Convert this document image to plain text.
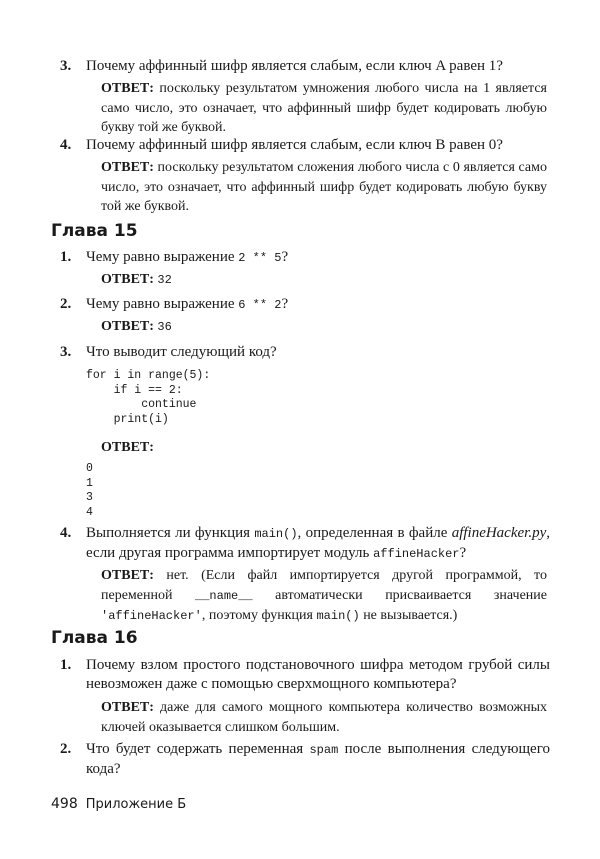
3. Почему аффинный шифр является слабым, если ключ A равен 1?
ОТВЕТ: поскольку результатом умножения любого числа на 1 является само число, это означает, что аффинный шифр будет кодировать любую букву той же буквой.
4. Почему аффинный шифр является слабым, если ключ B равен 0?
ОТВЕТ: поскольку результатом сложения любого числа с 0 является само число, это означает, что аффинный шифр будет кодировать любую букву той же буквой.
Глава 15
1. Чему равно выражение 2 ** 5?
ОТВЕТ: 32
2. Чему равно выражение 6 ** 2?
ОТВЕТ: 36
3. Что выводит следующий код?
for i in range(5):
if i == 2:
continue
print(i)
ОТВЕТ:
0
1
3
4
4. Выполняется ли функция main(), определенная в файле affineHacker.py, если другая программа импортирует модуль affineHacker?
ОТВЕТ: нет. (Если файл импортируется другой программой, то переменной __name__ автоматически присваивается значение 'affineHacker', поэтому функция main() не вызывается.)
Глава 16
1. Почему взлом простого подстановочного шифра методом грубой силы невозможен даже с помощью сверхмощного компьютера?
ОТВЕТ: даже для самого мощного компьютера количество возможных ключей оказывается слишком большим.
2. Что будет содержать переменная spam после выполнения следующего кода?
498 Приложение Б
